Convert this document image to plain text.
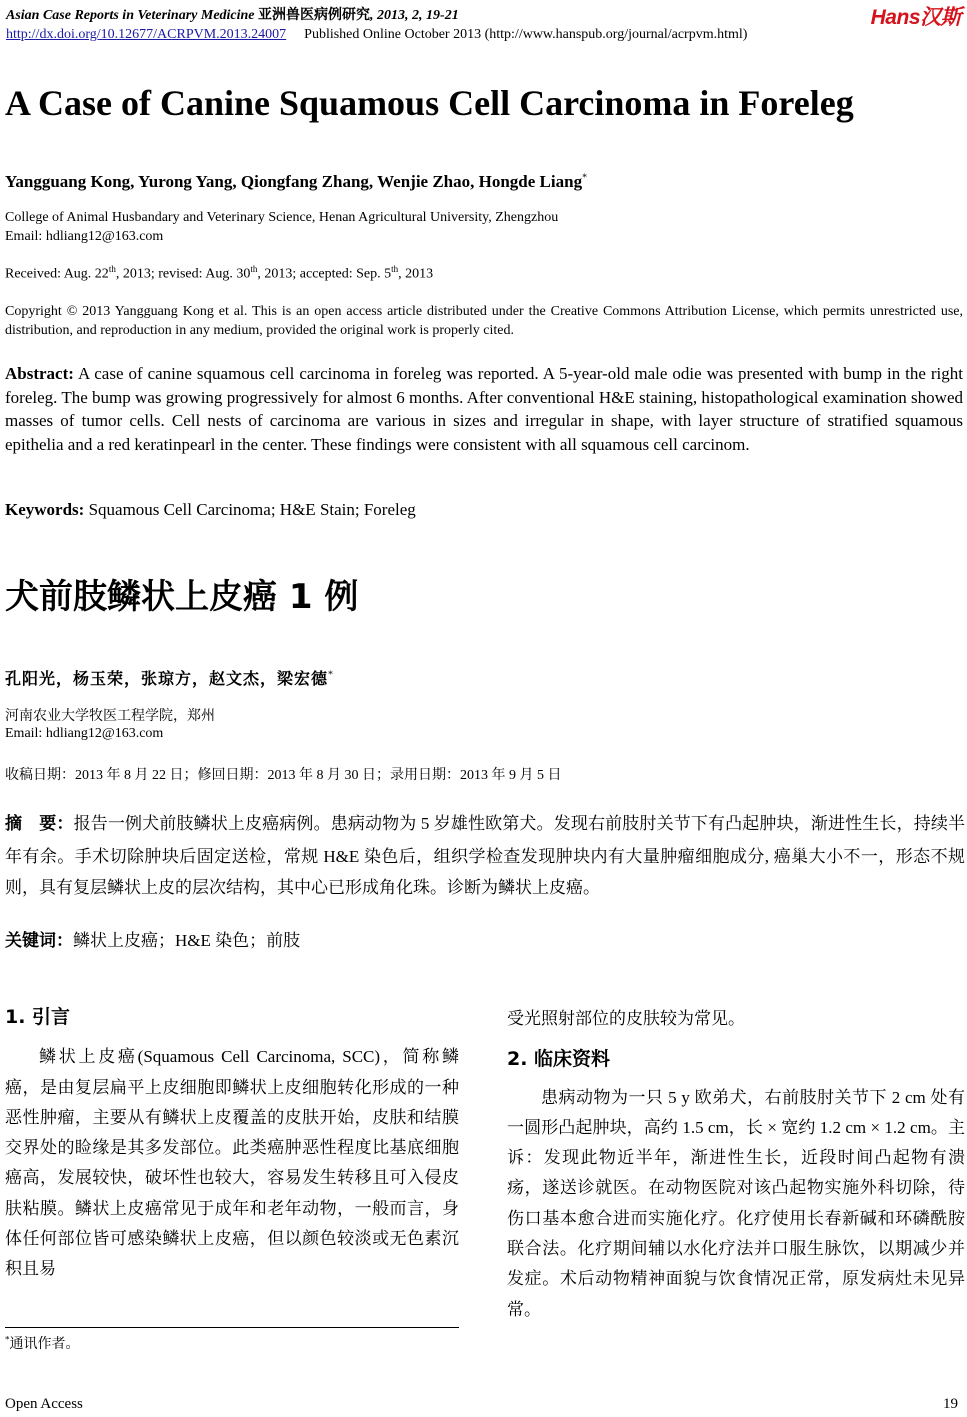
Asian Case Reports in Veterinary Medicine 亚洲兽医病例研究, 2013, 2, 19-21	Hans汉斯
http://dx.doi.org/10.12677/ACRPVM.2013.24007 Published Online October 2013 (http://www.hanspub.org/journal/acrpvm.html)
A Case of Canine Squamous Cell Carcinoma in Foreleg
Yangguang Kong, Yurong Yang, Qiongfang Zhang, Wenjie Zhao, Hongde Liang*
College of Animal Husbandary and Veterinary Science, Henan Agricultural University, Zhengzhou
Email: hdliang12@163.com
Received: Aug. 22th, 2013; revised: Aug. 30th, 2013; accepted: Sep. 5th, 2013
Copyright © 2013 Yangguang Kong et al. This is an open access article distributed under the Creative Commons Attribution License, which permits unrestricted use, distribution, and reproduction in any medium, provided the original work is properly cited.
Abstract: A case of canine squamous cell carcinoma in foreleg was reported. A 5-year-old male odie was presented with bump in the right foreleg. The bump was growing progressively for almost 6 months. After conventional H&E staining, histopathological examination showed masses of tumor cells. Cell nests of carcinoma are various in sizes and irregular in shape, with layer structure of stratified squamous epithelia and a red keratinpearl in the center. These findings were consistent with all squamous cell carcinom.
Keywords: Squamous Cell Carcinoma; H&E Stain; Foreleg
犬前肢鳞状上皮癌 1 例
孔阳光，杨玉荣，张琼方，赵文杰，梁宏德*
河南农业大学牧医工程学院，郑州
Email: hdliang12@163.com
收稿日期：2013 年 8 月 22 日；修回日期：2013 年 8 月 30 日；录用日期：2013 年 9 月 5 日
摘　要：报告一例犬前肢鳞状上皮癌病例。患病动物为 5 岁雄性欧第犬。发现右前肢肘关节下有凸起肿块，渐进性生长，持续半年有余。手术切除肿块后固定送检，常规 H&E 染色后，组织学检查发现肿块内有大量肿瘤细胞成分, 癌巢大小不一，形态不规则，具有复层鳞状上皮的层次结构，其中心已形成角化珠。诊断为鳞状上皮癌。
关键词：鳞状上皮癌；H&E 染色；前肢
1. 引言
鳞状上皮癌(Squamous Cell Carcinoma, SCC)，简称鳞癌，是由复层扁平上皮细胞即鳞状上皮细胞转化形成的一种恶性肿瘤，主要从有鳞状上皮覆盖的皮肤开始，皮肤和结膜交界处的睑缘是其多发部位。此类癌肿恶性程度比基底细胞癌高，发展较快，破坏性也较大，容易发生转移且可入侵皮肤粘膜。鳞状上皮癌常见于成年和老年动物，一般而言，身体任何部位皆可感染鳞状上皮癌，但以颜色较淡或无色素沉积且易
受光照射部位的皮肤较为常见。
2. 临床资料
患病动物为一只 5 y 欧弟犬，右前肢肘关节下 2 cm 处有一圆形凸起肿块，高约 1.5 cm，长 × 宽约 1.2 cm × 1.2 cm。主诉：发现此物近半年，渐进性生长，近段时间凸起物有溃疡，遂送诊就医。在动物医院对该凸起物实施外科切除，待伤口基本愈合进而实施化疗。化疗使用长春新碱和环磷酰胺联合法。化疗期间辅以水化疗法并口服生脉饮，以期减少并发症。术后动物精神面貌与饮食情况正常，原发病灶未见异常。
*通讯作者。
Open Access	19
